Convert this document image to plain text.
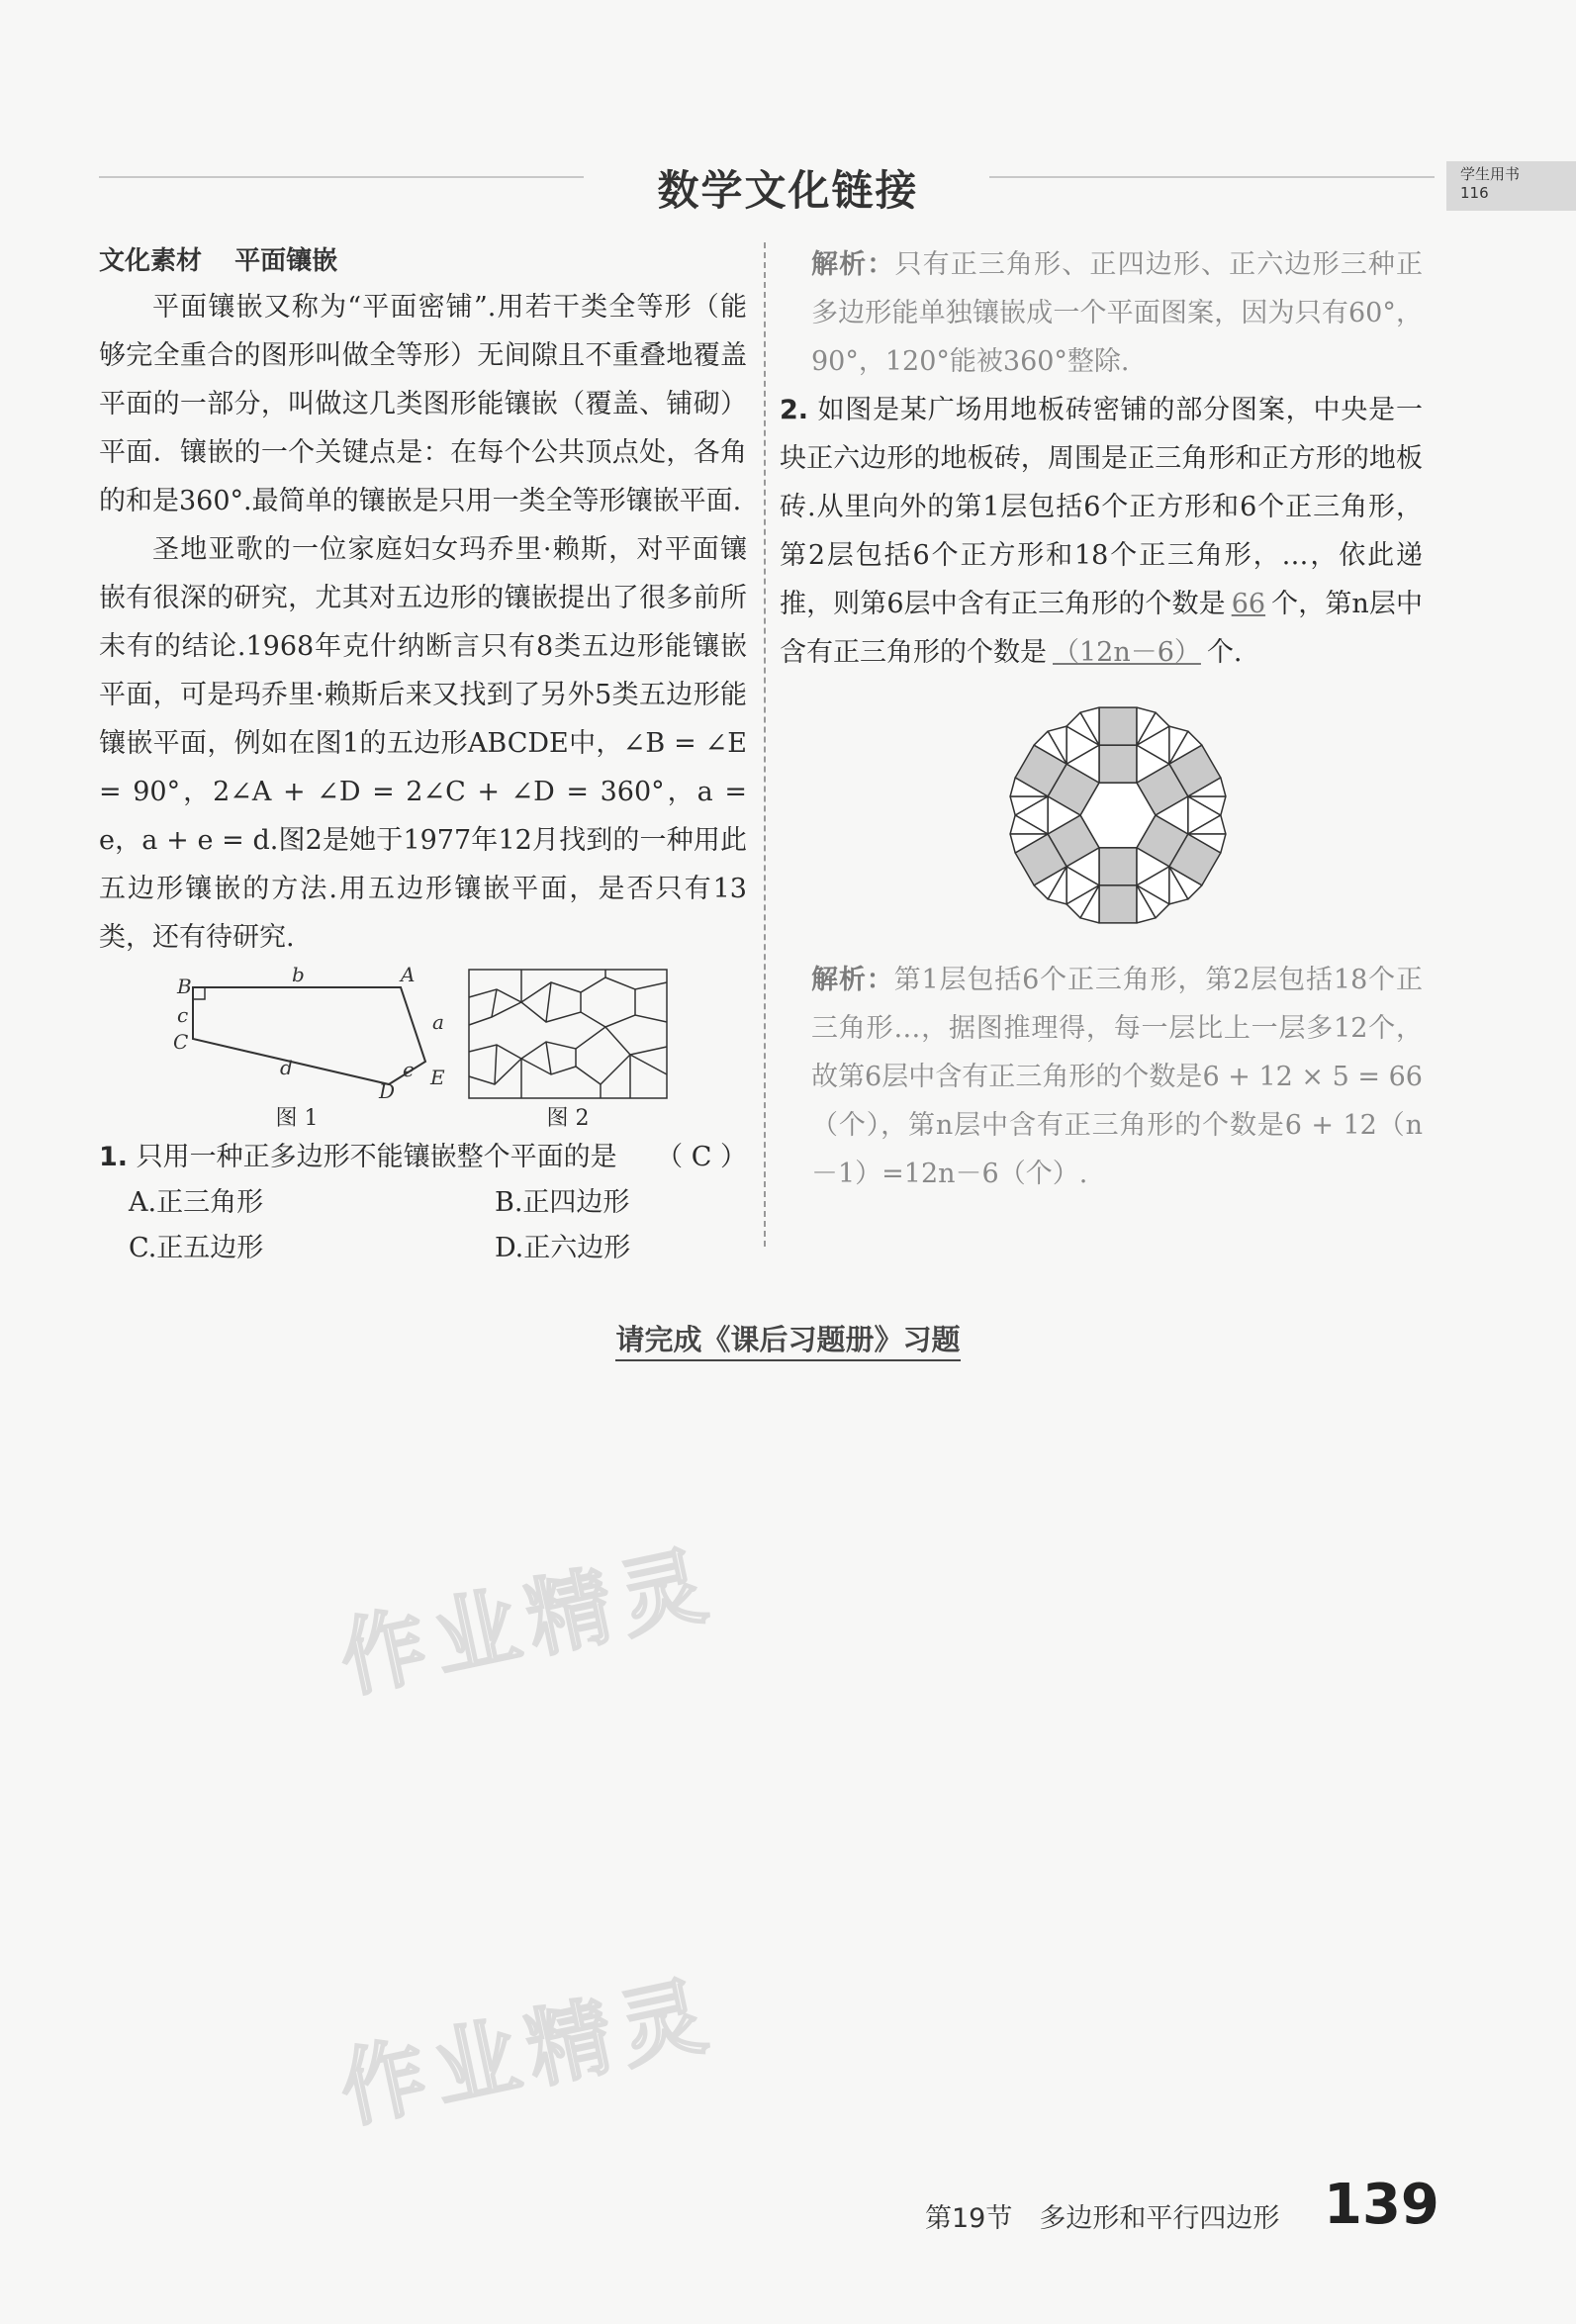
数学文化链接	学生用书
116
文化素材 平面镶嵌

平面镶嵌又称为“平面密铺”.用若干类全等形（能够完全重合的图形叫做全等形）无间隙且不重叠地覆盖平面的一部分，叫做这几类图形能镶嵌（覆盖、铺砌）平面．镶嵌的一个关键点是：在每个公共顶点处，各角的和是360°.最简单的镶嵌是只用一类全等形镶嵌平面.

圣地亚歌的一位家庭妇女玛乔里·赖斯，对平面镶嵌有很深的研究，尤其对五边形的镶嵌提出了很多前所未有的结论.1968年克什纳断言只有8类五边形能镶嵌平面，可是玛乔里·赖斯后来又找到了另外5类五边形能镶嵌平面，例如在图1的五边形ABCDE中，∠B = ∠E = 90°，2∠A + ∠D = 2∠C + ∠D = 360°，a = e，a + e = d.图2是她于1977年12月找到的一种用此五边形镶嵌的方法.用五边形镶嵌平面，是否只有13类，还有待研究.

B	b	A
c
C
a
d	e
D
E
图 1	图 2
1. 只用一种正多边形不能镶嵌整个平面的是 （ C ）
A.正三角形	B.正四边形
C.正五边形	D.正六边形
解析：只有正三角形、正四边形、正六边形三种正多边形能单独镶嵌成一个平面图案，因为只有60°，90°，120°能被360°整除.
2. 如图是某广场用地板砖密铺的部分图案，中央是一块正六边形的地板砖，周围是正三角形和正方形的地板砖.从里向外的第1层包括6个正方形和6个正三角形，第2层包括6个正方形和18个正三角形，…，依此递推，则第6层中含有正三角形的个数是 66 个，第n层中含有正三角形的个数是 （12n－6） 个.
解析：第1层包括6个正三角形，第2层包括18个正三角形…，据图推理得，每一层比上一层多12个，故第6层中含有正三角形的个数是6 + 12 × 5 = 66（个），第n层中含有正三角形的个数是6 + 12（n－1）=12n－6（个）.
请完成《课后习题册》习题
作业精灵
作业精灵
第19节　多边形和平行四边形 139
